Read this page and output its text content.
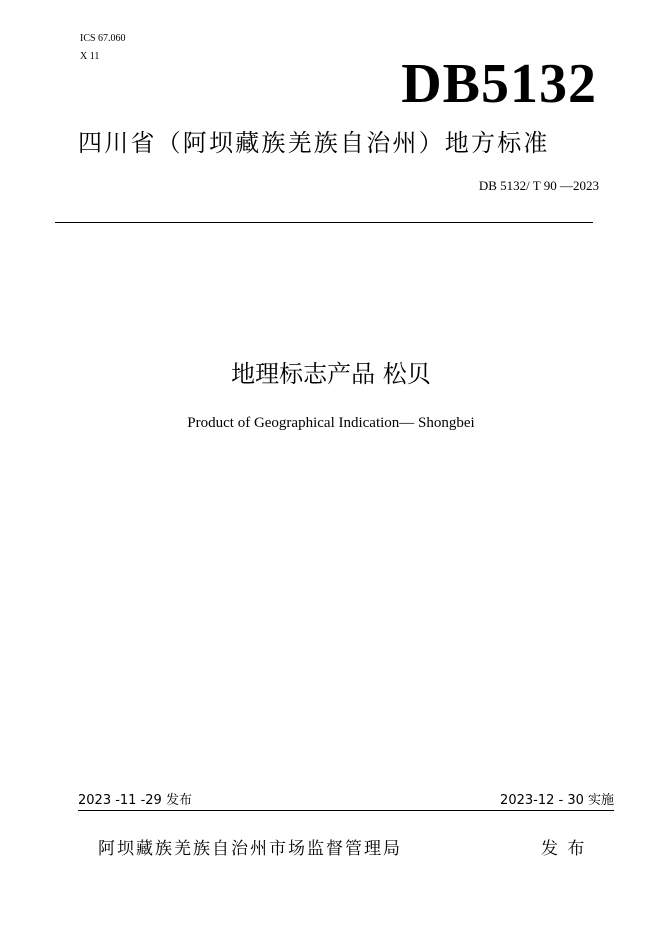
ICS 67.060
X 11	DB5132
四川省（阿坝藏族羌族自治州）地方标准
DB 5132/ T 90 —2023
地理标志产品 松贝
Product of Geographical Indication— Shongbei
2023 -11 -29 发布	2023-12 - 30 实施
阿坝藏族羌族自治州市场监督管理局	发 布
